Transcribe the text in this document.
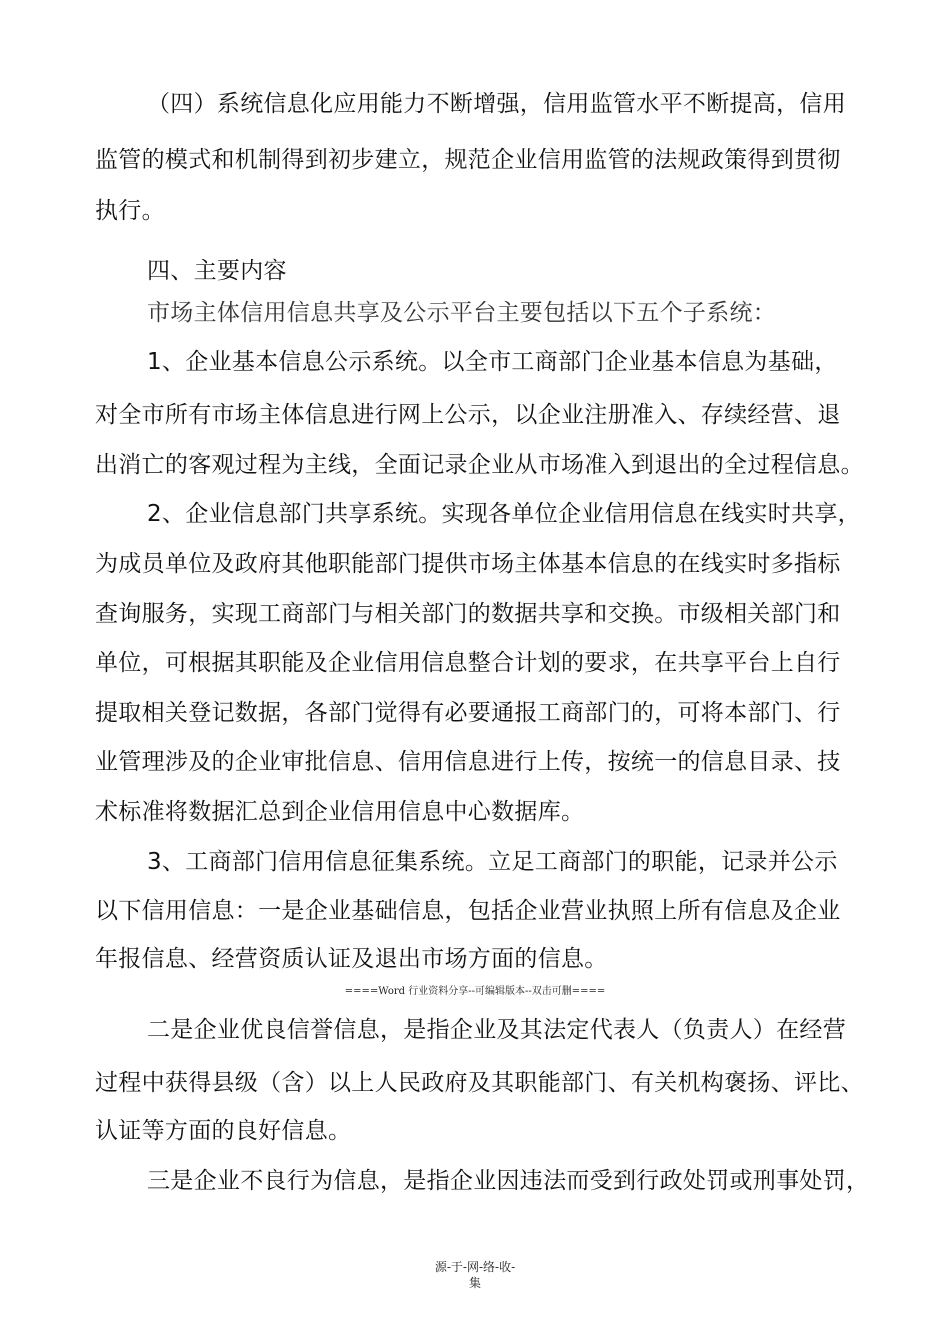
（四）系统信息化应用能力不断增强，信用监管水平不断提高，信用
监管的模式和机制得到初步建立，规范企业信用监管的法规政策得到贯彻
执行。
四、主要内容
市场主体信用信息共享及公示平台主要包括以下五个子系统：
1、企业基本信息公示系统。以全市工商部门企业基本信息为基础，
对全市所有市场主体信息进行网上公示，以企业注册准入、存续经营、退
出消亡的客观过程为主线，全面记录企业从市场准入到退出的全过程信息。
2、企业信息部门共享系统。实现各单位企业信用信息在线实时共享，
为成员单位及政府其他职能部门提供市场主体基本信息的在线实时多指标
查询服务，实现工商部门与相关部门的数据共享和交换。市级相关部门和
单位，可根据其职能及企业信用信息整合计划的要求，在共享平台上自行
提取相关登记数据，各部门觉得有必要通报工商部门的，可将本部门、行
业管理涉及的企业审批信息、信用信息进行上传，按统一的信息目录、技
术标准将数据汇总到企业信用信息中心数据库。
3、工商部门信用信息征集系统。立足工商部门的职能，记录并公示
以下信用信息：一是企业基础信息，包括企业营业执照上所有信息及企业
年报信息、经营资质认证及退出市场方面的信息。
====Word 行业资料分享--可编辑版本--双击可删====
二是企业优良信誉信息，是指企业及其法定代表人（负责人）在经营
过程中获得县级（含）以上人民政府及其职能部门、有关机构褒扬、评比、
认证等方面的良好信息。
三是企业不良行为信息，是指企业因违法而受到行政处罚或刑事处罚，
源-于-网-络-收-
集
